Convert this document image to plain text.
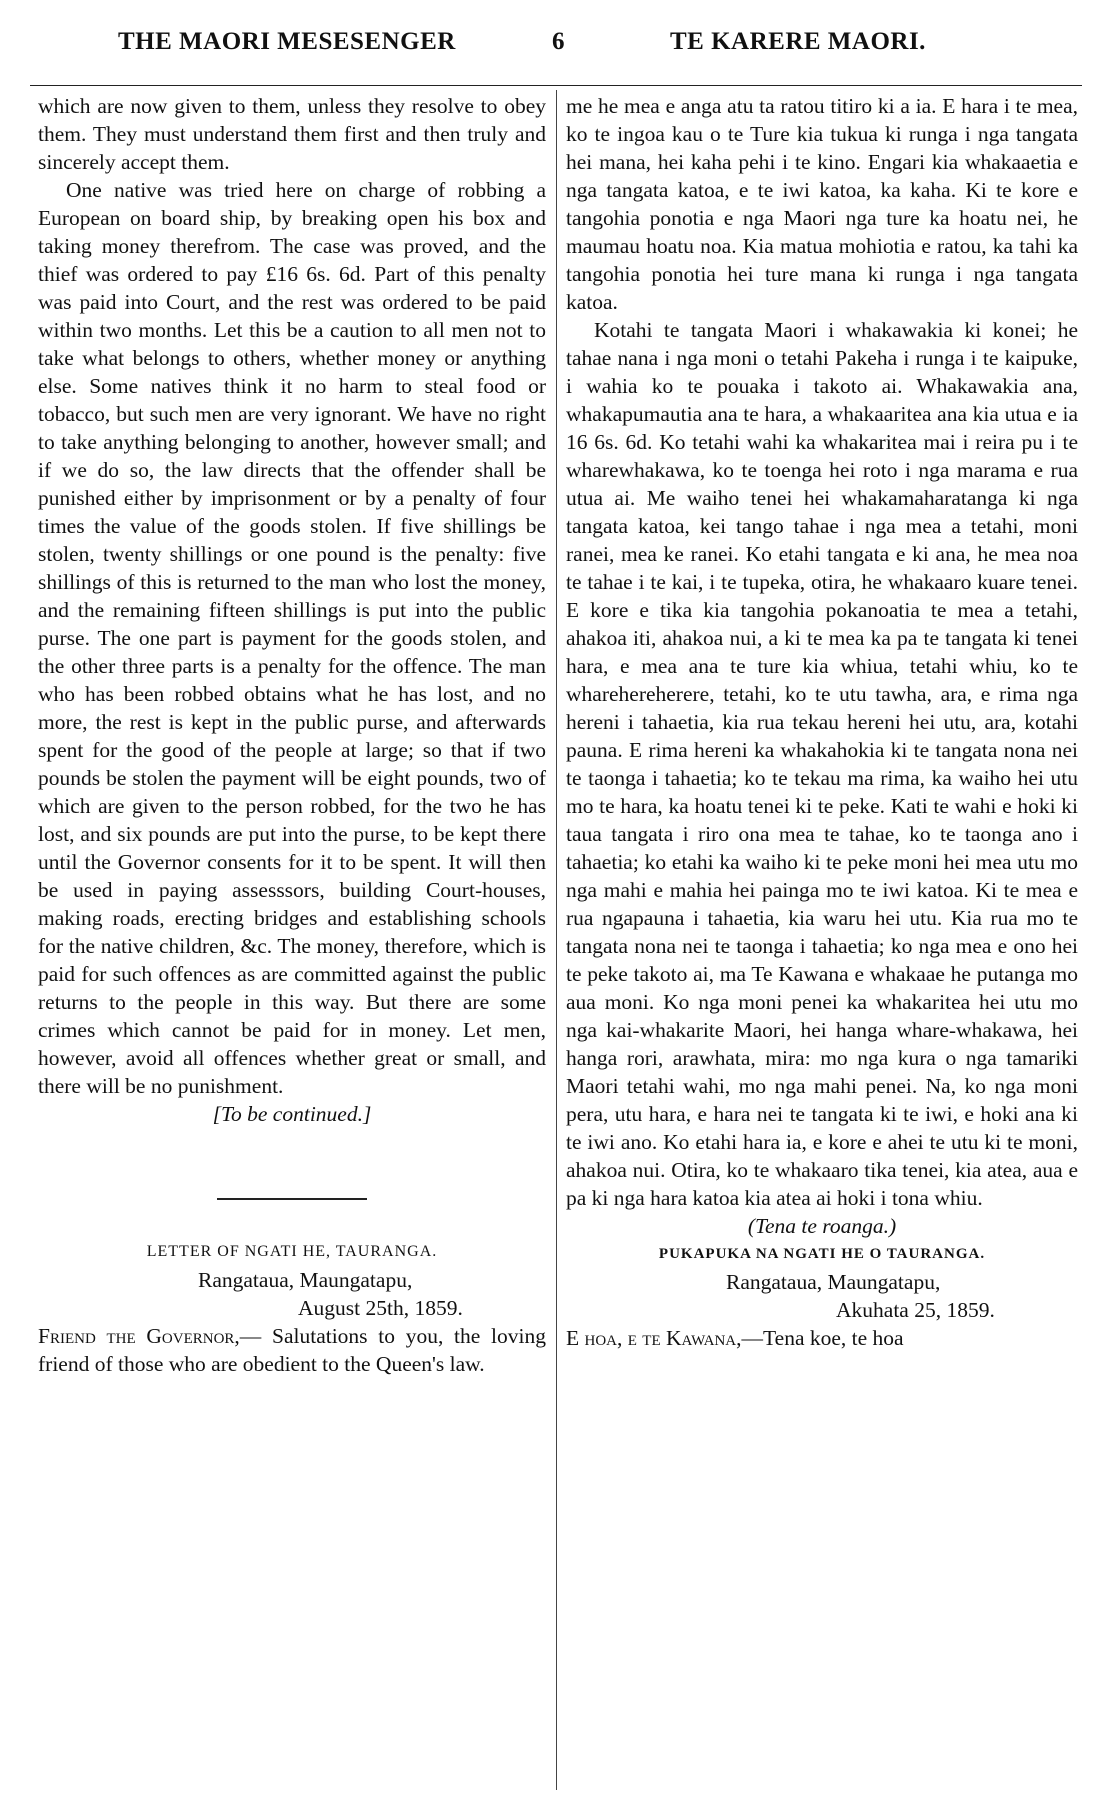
THE MAORI MESESENGER	6	TE KARERE MAORI.

which are now given to them, unless they resolve to obey them. They must understand them first and then truly and sincerely accept them.

One native was tried here on charge of robbing a European on board ship, by breaking open his box and taking money therefrom. The case was proved, and the thief was ordered to pay £16 6s. 6d. Part of this penalty was paid into Court, and the rest was ordered to be paid within two months. Let this be a caution to all men not to take what belongs to others, whether money or anything else. Some natives think it no harm to steal food or tobacco, but such men are very ignorant. We have no right to take anything belonging to another, however small; and if we do so, the law directs that the offender shall be punished either by imprisonment or by a penalty of four times the value of the goods stolen. If five shillings be stolen, twenty shillings or one pound is the penalty: five shillings of this is returned to the man who lost the money, and the remaining fifteen shillings is put into the public purse. The one part is payment for the goods stolen, and the other three parts is a penalty for the offence. The man who has been robbed obtains what he has lost, and no more, the rest is kept in the public purse, and afterwards spent for the good of the people at large; so that if two pounds be stolen the payment will be eight pounds, two of which are given to the person robbed, for the two he has lost, and six pounds are put into the purse, to be kept there until the Governor consents for it to be spent. It will then be used in paying assesssors, building Court-houses, making roads, erecting bridges and establishing schools for the native children, &c. The money, therefore, which is paid for such offences as are committed against the public returns to the people in this way. But there are some crimes which cannot be paid for in money. Let men, however, avoid all offences whether great or small, and there will be no punishment.

[To be continued.]

LETTER OF NGATI HE, TAURANGA.

Rangataua, Maungatapu,

August 25th, 1859.

Friend the Governor,— Salutations to you, the loving friend of those who are obedient to the Queen's law.

me he mea e anga atu ta ratou titiro ki a ia. E hara i te mea, ko te ingoa kau o te Ture kia tukua ki runga i nga tangata hei mana, hei kaha pehi i te kino. Engari kia whakaaetia e nga tangata katoa, e te iwi katoa, ka kaha. Ki te kore e tangohia ponotia e nga Maori nga ture ka hoatu nei, he maumau hoatu noa. Kia matua mohiotia e ratou, ka tahi ka tangohia ponotia hei ture mana ki runga i nga tangata katoa.

Kotahi te tangata Maori i whakawakia ki konei; he tahae nana i nga moni o tetahi Pakeha i runga i te kaipuke, i wahia ko te pouaka i takoto ai. Whakawakia ana, whakapumautia ana te hara, a whakaaritea ana kia utua e ia 16 6s. 6d. Ko tetahi wahi ka whakaritea mai i reira pu i te wharewhakawa, ko te toenga hei roto i nga marama e rua utua ai. Me waiho tenei hei whakamaharatanga ki nga tangata katoa, kei tango tahae i nga mea a tetahi, moni ranei, mea ke ranei. Ko etahi tangata e ki ana, he mea noa te tahae i te kai, i te tupeka, otira, he whakaaro kuare tenei. E kore e tika kia tangohia pokanoatia te mea a tetahi, ahakoa iti, ahakoa nui, a ki te mea ka pa te tangata ki tenei hara, e mea ana te ture kia whiua, tetahi whiu, ko te wharehereherere, tetahi, ko te utu tawha, ara, e rima nga hereni i tahaetia, kia rua tekau hereni hei utu, ara, kotahi pauna. E rima hereni ka whakahokia ki te tangata nona nei te taonga i tahaetia; ko te tekau ma rima, ka waiho hei utu mo te hara, ka hoatu tenei ki te peke. Kati te wahi e hoki ki taua tangata i riro ona mea te tahae, ko te taonga ano i tahaetia; ko etahi ka waiho ki te peke moni hei mea utu mo nga mahi e mahia hei painga mo te iwi katoa. Ki te mea e rua ngapauna i tahaetia, kia waru hei utu. Kia rua mo te tangata nona nei te taonga i tahaetia; ko nga mea e ono hei te peke takoto ai, ma Te Kawana e whakaae he putanga mo aua moni. Ko nga moni penei ka whakaritea hei utu mo nga kai-whakarite Maori, hei hanga whare-whakawa, hei hanga rori, arawhata, mira: mo nga kura o nga tamariki Maori tetahi wahi, mo nga mahi penei. Na, ko nga moni pera, utu hara, e hara nei te tangata ki te iwi, e hoki ana ki te iwi ano. Ko etahi hara ia, e kore e ahei te utu ki te moni, ahakoa nui. Otira, ko te whakaaro tika tenei, kia atea, aua e pa ki nga hara katoa kia atea ai hoki i tona whiu.

(Tena te roanga.)

PUKAPUKA NA NGATI HE O TAURANGA.

Rangataua, Maungatapu,

Akuhata 25, 1859.

E hoa, e te Kawana,—Tena koe, te hoa
